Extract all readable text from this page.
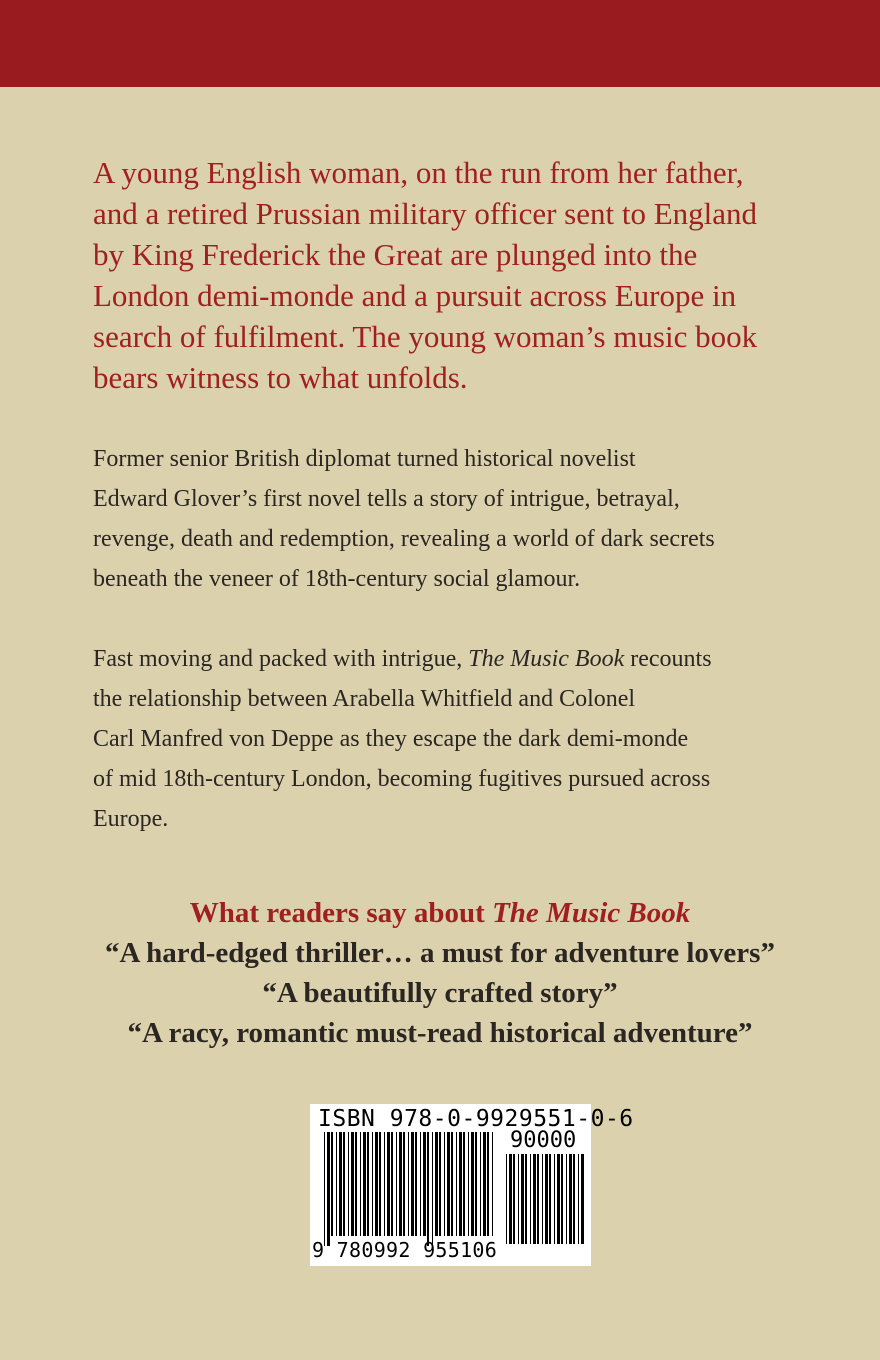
A young English woman, on the run from her father,
and a retired Prussian military officer sent to England
by King Frederick the Great are plunged into the
London demi-monde and a pursuit across Europe in
search of fulfilment. The young woman’s music book
bears witness to what unfolds.
Former senior British diplomat turned historical novelist
Edward Glover’s first novel tells a story of intrigue, betrayal,
revenge, death and redemption, revealing a world of dark secrets
beneath the veneer of 18th-century social glamour.
Fast moving and packed with intrigue, The Music Book recounts
the relationship between Arabella Whitfield and Colonel
Carl Manfred von Deppe as they escape the dark demi-monde
of mid 18th-century London, becoming fugitives pursued across
Europe.
What readers say about The Music Book
“A hard-edged thriller… a must for adventure lovers”
“A beautifully crafted story”
“A racy, romantic must-read historical adventure”
ISBN 978-0-9929551-0-6
90000
9 780992 955106
